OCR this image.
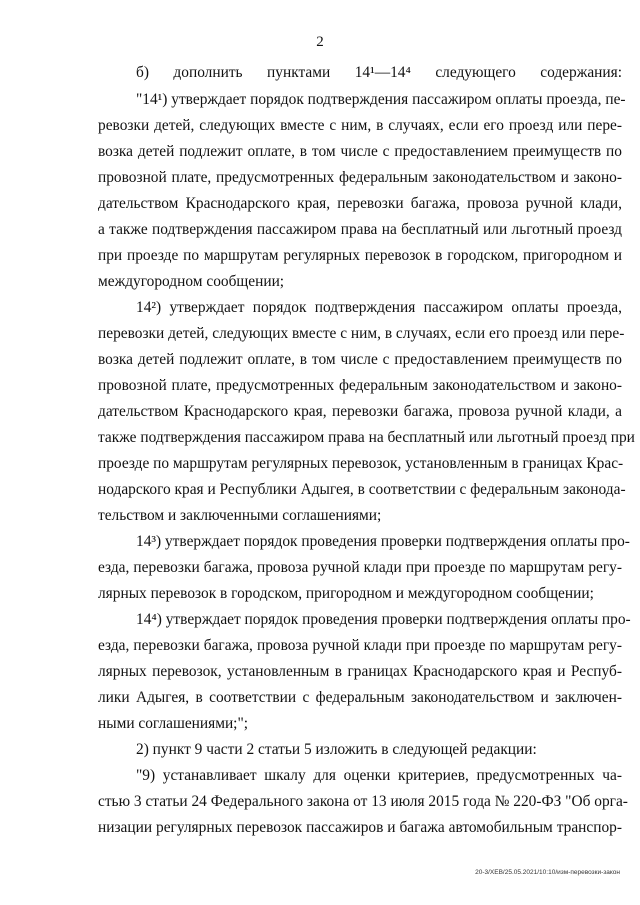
2
б) дополнить пунктами 14¹—14⁴ следующего содержания:
"14¹) утверждает порядок подтверждения пассажиром оплаты проезда, пе-
ревозки детей, следующих вместе с ним, в случаях, если его проезд или пере-
возка детей подлежит оплате, в том числе с предоставлением преимуществ по
провозной плате, предусмотренных федеральным законодательством и законо-
дательством Краснодарского края, перевозки багажа, провоза ручной клади,
а также подтверждения пассажиром права на бесплатный или льготный проезд
при проезде по маршрутам регулярных перевозок в городском, пригородном и
междугородном сообщении;
14²) утверждает порядок подтверждения пассажиром оплаты проезда,
перевозки детей, следующих вместе с ним, в случаях, если его проезд или пере-
возка детей подлежит оплате, в том числе с предоставлением преимуществ по
провозной плате, предусмотренных федеральным законодательством и законо-
дательством Краснодарского края, перевозки багажа, провоза ручной клади, а
также подтверждения пассажиром права на бесплатный или льготный проезд при
проезде по маршрутам регулярных перевозок, установленным в границах Крас-
нодарского края и Республики Адыгея, в соответствии с федеральным законода-
тельством и заключенными соглашениями;
14³) утверждает порядок проведения проверки подтверждения оплаты про-
езда, перевозки багажа, провоза ручной клади при проезде по маршрутам регу-
лярных перевозок в городском, пригородном и междугородном сообщении;
14⁴) утверждает порядок проведения проверки подтверждения оплаты про-
езда, перевозки багажа, провоза ручной клади при проезде по маршрутам регу-
лярных перевозок, установленным в границах Краснодарского края и Респуб-
лики Адыгея, в соответствии с федеральным законодательством и заключен-
ными соглашениями;";
2) пункт 9 части 2 статьи 5 изложить в следующей редакции:
"9) устанавливает шкалу для оценки критериев, предусмотренных ча-
стью 3 статьи 24 Федерального закона от 13 июля 2015 года № 220-ФЗ "Об орга-
низации регулярных перевозок пассажиров и багажа автомобильным транспор-
20-3/ХЕВ/25.05.2021/10:10/изм-перевозки-закон
